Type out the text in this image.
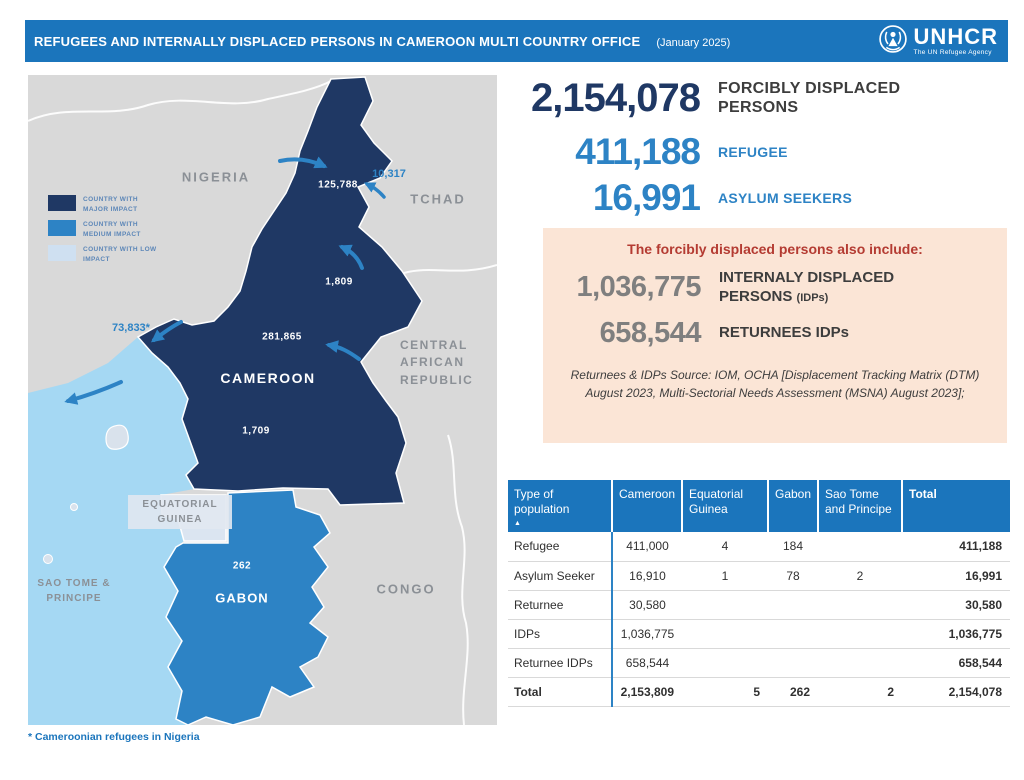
REFUGEES AND INTERNALLY DISPLACED PERSONS IN CAMEROON MULTI COUNTRY OFFICE (January 2025)	UNHCR
The UN Refugee Agency
COUNTRY WITH MAJOR IMPACT
COUNTRY WITH MEDIUM IMPACT
COUNTRY WITH LOW IMPACT
NIGERIA
TCHAD
CENTRAL AFRICAN REPUBLIC
CONGO
EQUATORIAL GUINEA
SAO TOME & PRINCIPE
CAMEROON
GABON
125,788
10,317
1,809
281,865
73,833*
1,709
262
2,154,078 FORCIBLY DISPLACED PERSONS
411,188 REFUGEE
16,991 ASYLUM SEEKERS
The forcibly displaced persons also include:
1,036,775 INTERNALY DISPLACED PERSONS (IDPs)
658,544 RETURNEES IDPs
Returnees & IDPs Source: IOM, OCHA [Displacement Tracking Matrix (DTM) August 2023, Multi-Sectorial Needs Assessment (MSNA) August 2023];
Type of population
▲	Cameroon	Equatorial Guinea	Gabon	Sao Tome and Principe	Total
Refugee	411,000	4	184		411,188
Asylum Seeker	16,910	1	78	2	16,991
Returnee	30,580				30,580
IDPs	1,036,775				1,036,775
Returnee IDPs	658,544				658,544
Total	2,153,809	5	262	2	2,154,078
* Cameroonian refugees in Nigeria
